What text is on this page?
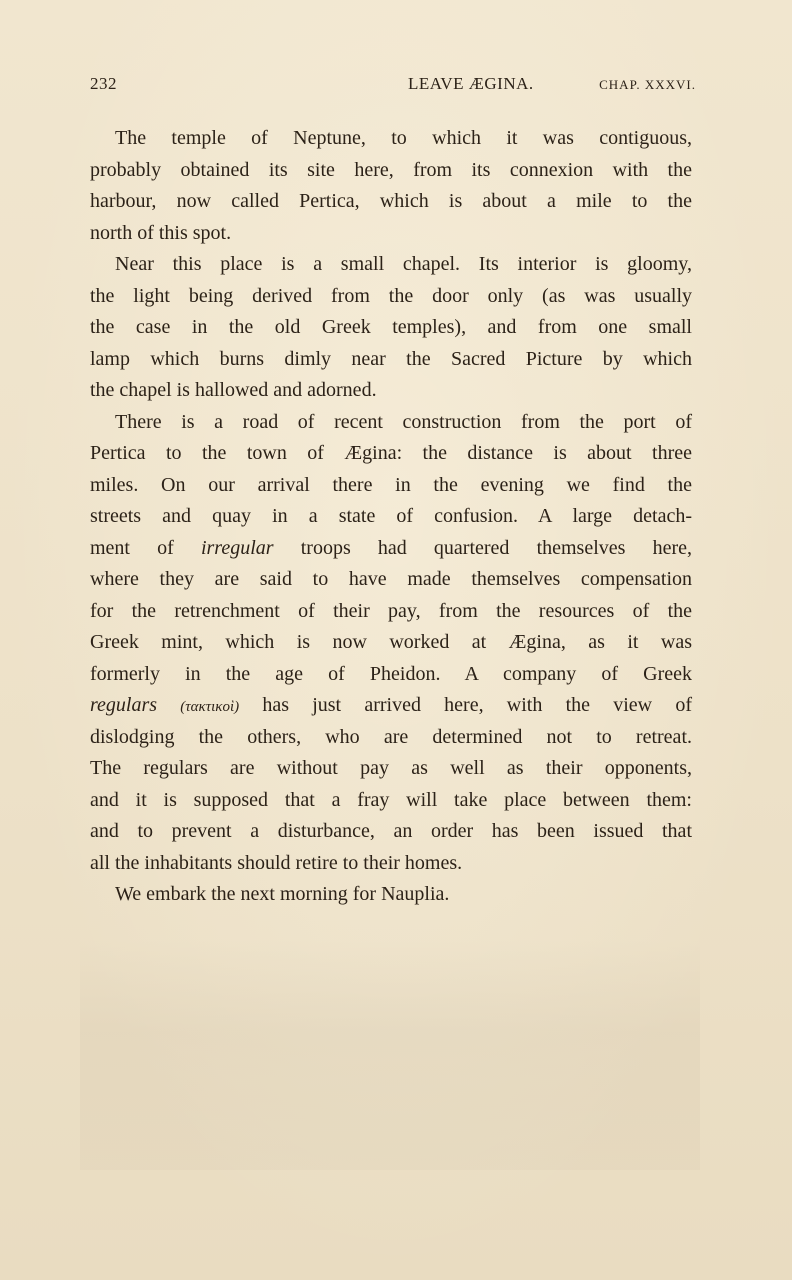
232	LEAVE ÆGINA.	CHAP. XXXVI.
The temple of Neptune, to which it was contiguous,
probably obtained its site here, from its connexion with the
harbour, now called Pertica, which is about a mile to the
north of this spot.
Near this place is a small chapel. Its interior is gloomy,
the light being derived from the door only (as was usually
the case in the old Greek temples), and from one small
lamp which burns dimly near the Sacred Picture by which
the chapel is hallowed and adorned.
There is a road of recent construction from the port of
Pertica to the town of Ægina: the distance is about three
miles. On our arrival there in the evening we find the
streets and quay in a state of confusion. A large detach-
ment of irregular troops had quartered themselves here,
where they are said to have made themselves compensation
for the retrenchment of their pay, from the resources of the
Greek mint, which is now worked at Ægina, as it was
formerly in the age of Pheidon. A company of Greek
regulars (τακτικοὶ) has just arrived here, with the view of
dislodging the others, who are determined not to retreat.
The regulars are without pay as well as their opponents,
and it is supposed that a fray will take place between them:
and to prevent a disturbance, an order has been issued that
all the inhabitants should retire to their homes.
We embark the next morning for Nauplia.
